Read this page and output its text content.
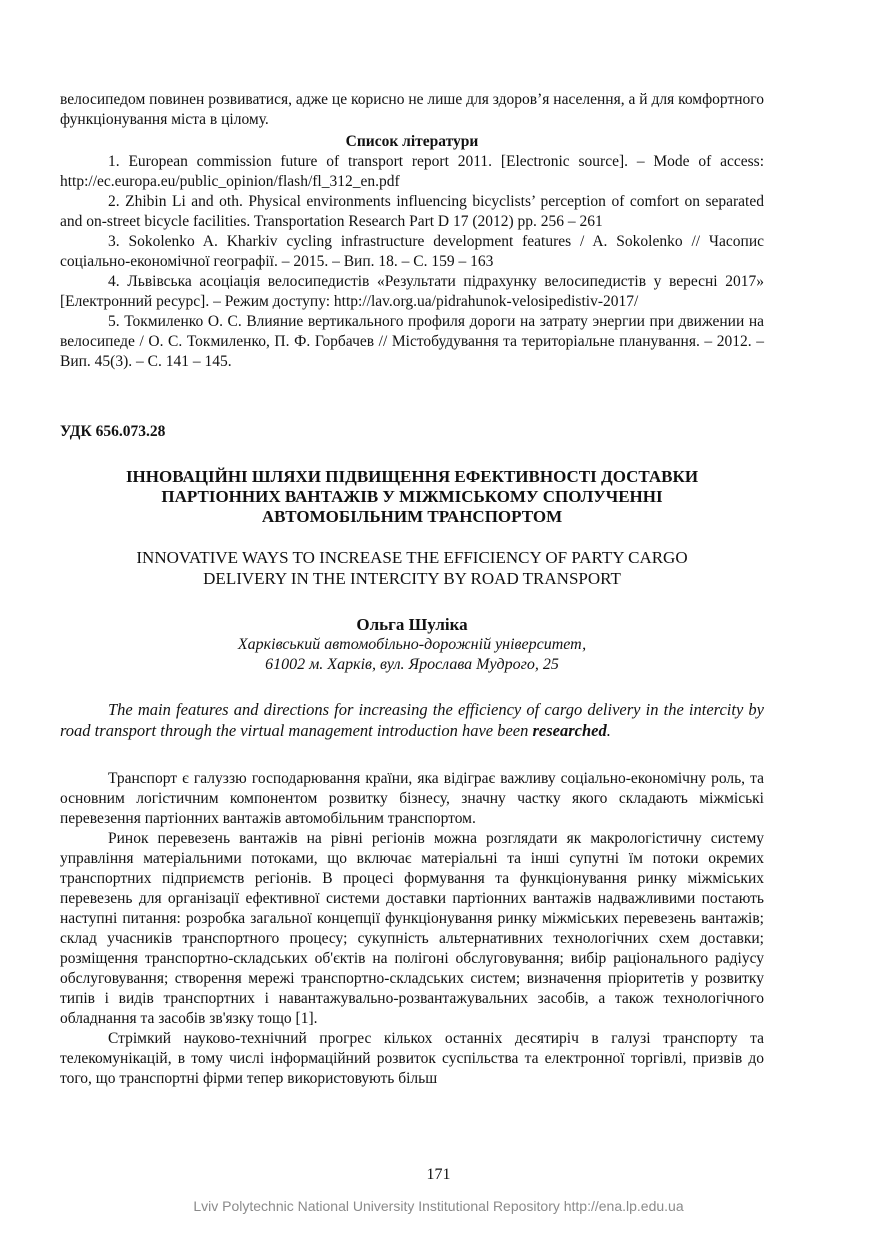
велосипедом повинен розвиватися, адже це корисно не лише для здоров’я населення, а й для комфортного функціонування міста в цілому.

Список літератури

1. European commission future of transport report 2011. [Electronic source]. – Mode of access: http://ec.europa.eu/public_opinion/flash/fl_312_en.pdf

2. Zhibin Li and oth. Physical environments influencing bicyclists’ perception of comfort on separated and on-street bicycle facilities. Transportation Research Part D 17 (2012) pp. 256 – 261

3. Sokolenko A. Kharkiv cycling infrastructure development features / A. Sokolenko // Часопис соціально-економічної географії. – 2015. – Вип. 18. – С. 159 – 163

4. Львівська асоціація велосипедистів «Результати підрахунку велосипедистів у вересні 2017» [Електронний ресурс]. – Режим доступу: http://lav.org.ua/pidrahunok-velosipedistiv-2017/

5. Токмиленко О. С. Влияние вертикального профиля дороги на затрату энергии при движении на велосипеде / О. С. Токмиленко, П. Ф. Горбачев // Містобудування та територіальне планування. – 2012. – Вип. 45(3). – С. 141 – 145.

УДК 656.073.28

ІННОВАЦІЙНІ ШЛЯХИ ПІДВИЩЕННЯ ЕФЕКТИВНОСТІ ДОСТАВКИ ПАРТІОННИХ ВАНТАЖІВ У МІЖМІСЬКОМУ СПОЛУЧЕННІ АВТОМОБІЛЬНИМ ТРАНСПОРТОМ

INNOVATIVE WAYS TO INCREASE THE EFFICIENCY OF PARTY CARGO DELIVERY IN THE INTERCITY BY ROAD TRANSPORT

Ольга Шуліка

Харківський автомобільно-дорожній університет,

61002 м. Харків, вул. Ярослава Мудрого, 25

The main features and directions for increasing the efficiency of cargo delivery in the intercity by road transport through the virtual management introduction have been researched.

Транспорт є галуззю господарювання країни, яка відіграє важливу соціально-економічну роль, та основним логістичним компонентом розвитку бізнесу, значну частку якого складають міжміські перевезення партіонних вантажів автомобільним транспортом.

Ринок перевезень вантажів на рівні регіонів можна розглядати як макрологістичну систему управління матеріальними потоками, що включає матеріальні та інші супутні їм потоки окремих транспортних підприємств регіонів. В процесі формування та функціонування ринку міжміських перевезень для організації ефективної системи доставки партіонних вантажів надважливими постають наступні питання: розробка загальної концепції функціонування ринку міжміських перевезень вантажів; склад учасників транспортного процесу; сукупність альтернативних технологічних схем доставки; розміщення транспортно-складських об'єктів на полігоні обслуговування; вибір раціонального радіусу обслуговування; створення мережі транспортно-складських систем; визначення пріоритетів у розвитку типів і видів транспортних і навантажувально-розвантажувальних засобів, а також технологічного обладнання та засобів зв'язку тощо [1].

Стрімкий науково-технічний прогрес кількох останніх десятиріч в галузі транспорту та телекомунікацій, в тому числі інформаційний розвиток суспільства та електронної торгівлі, призвів до того, що транспортні фірми тепер використовують більш

171
Lviv Polytechnic National University Institutional Repository http://ena.lp.edu.ua
